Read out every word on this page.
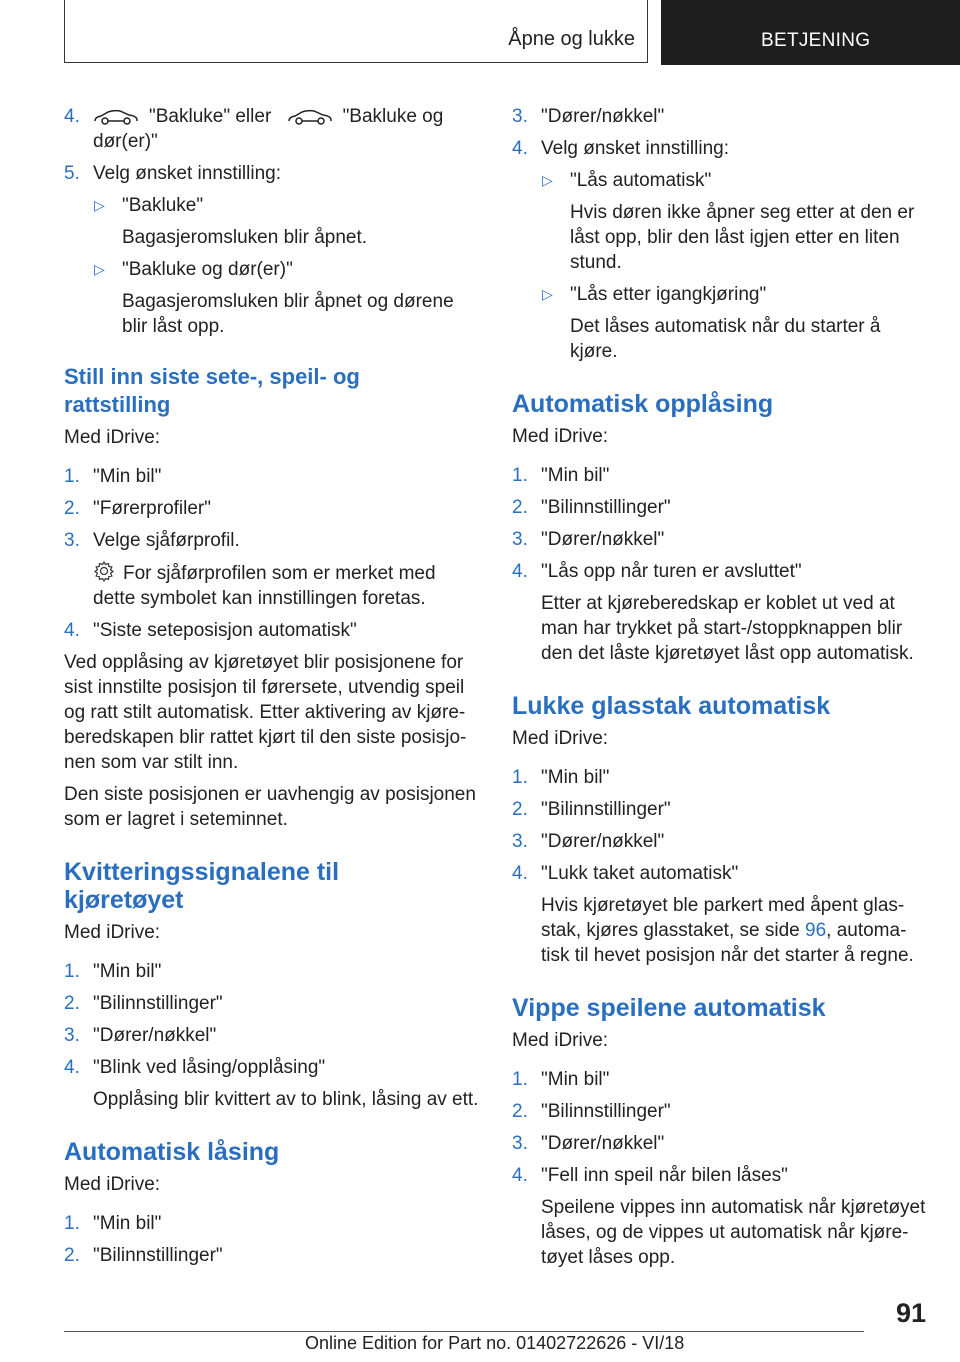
Åpne og lukke	BETJENING
4.	"Bakluke" eller	"Bakluke og
dør(er)"
5. Velg ønsket innstilling:
▷ "Bakluke"
Bagasjeromsluken blir åpnet.
▷ "Bakluke og dør(er)"
Bagasjeromsluken blir åpnet og dørene
blir låst opp.
Still inn siste sete-, speil- og
rattstilling
Med iDrive:
1. "Min bil"
2. "Førerprofiler"
3. Velge sjåførprofil.
For sjåførprofilen som er merket med
dette symbolet kan innstillingen foretas.
4. "Siste seteposisjon automatisk"
Ved opplåsing av kjøretøyet blir posisjonene for
sist innstilte posisjon til førersete, utvendig speil
og ratt stilt automatisk. Etter aktivering av kjøre-
beredskapen blir rattet kjørt til den siste posisjo-
nen som var stilt inn.
Den siste posisjonen er uavhengig av posisjonen
som er lagret i seteminnet.
Kvitteringssignalene til
kjøretøyet
Med iDrive:
1. "Min bil"
2. "Bilinnstillinger"
3. "Dører/nøkkel"
4. "Blink ved låsing/opplåsing"
Opplåsing blir kvittert av to blink, låsing av ett.
Automatisk låsing
Med iDrive:
1. "Min bil"
2. "Bilinnstillinger"
3. "Dører/nøkkel"
4. Velg ønsket innstilling:
▷ "Lås automatisk"
Hvis døren ikke åpner seg etter at den er
låst opp, blir den låst igjen etter en liten
stund.
▷ "Lås etter igangkjøring"
Det låses automatisk når du starter å
kjøre.
Automatisk opplåsing
Med iDrive:
1. "Min bil"
2. "Bilinnstillinger"
3. "Dører/nøkkel"
4. "Lås opp når turen er avsluttet"
Etter at kjøreberedskap er koblet ut ved at
man har trykket på start-/stoppknappen blir
den det låste kjøretøyet låst opp automatisk.
Lukke glasstak automatisk
Med iDrive:
1. "Min bil"
2. "Bilinnstillinger"
3. "Dører/nøkkel"
4. "Lukk taket automatisk"
Hvis kjøretøyet ble parkert med åpent glas-
stak, kjøres glasstaket, se side 96, automa-
tisk til hevet posisjon når det starter å regne.
Vippe speilene automatisk
Med iDrive:
1. "Min bil"
2. "Bilinnstillinger"
3. "Dører/nøkkel"
4. "Fell inn speil når bilen låses"
Speilene vippes inn automatisk når kjøretøyet
låses, og de vippes ut automatisk når kjøre-
tøyet låses opp.
91
Online Edition for Part no. 01402722626 - VI/18
